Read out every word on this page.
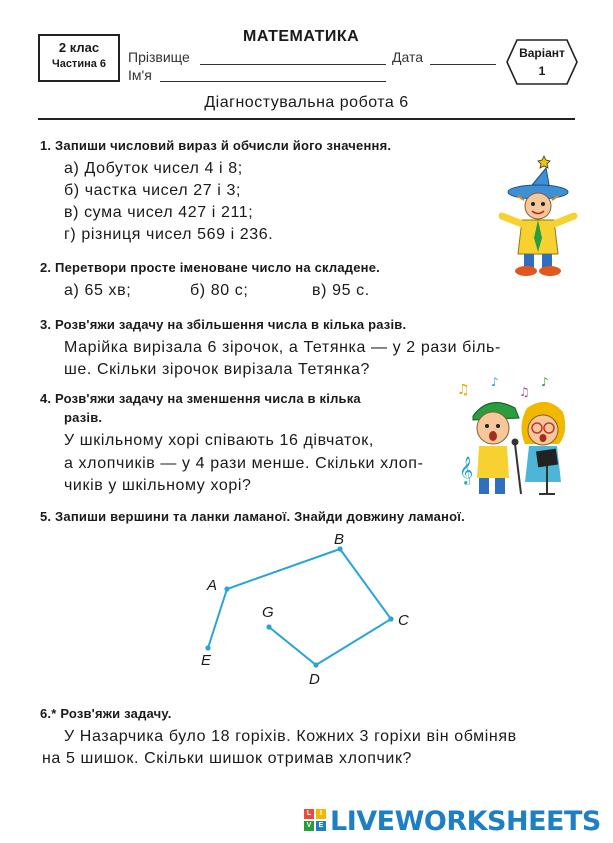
2 клас
Частина 6
МАТЕМАТИКА
Прізвище	Дата
Ім'я
Варіант
1
Діагностувальна робота 6
1. Запиши числовий вираз й обчисли його значення.
а) Добуток чисел 4 і 8;
б) частка чисел 27 і 3;
в) сума чисел 427 і 211;
г) різниця чисел 569 і 236.
2. Перетвори просте іменоване число на складене.
а) 65 хв;	б) 80 с;	в) 95 с.
3. Розв'яжи задачу на збільшення числа в кілька разів.
Марійка вирізала 6 зірочок, а Тетянка — у 2 рази біль-
ше. Скільки зірочок вирізала Тетянка?
4. Розв'яжи задачу на зменшення числа в кілька
разів.
У шкільному хорі співають 16 дівчаток,
а хлопчиків — у 4 рази менше. Скільки хлоп-
чиків у шкільному хорі?
♫ ♪
♫
♪
𝄞
5. Запиши вершини та ланки ламаної. Знайди довжину ламаної.
A
B
C
D
G
E
6.* Розв'яжи задачу.
У Назарчика було 18 горіхів. Кожних 3 горіхи він обміняв
на 5 шишок. Скільки шишок отримав хлопчик?
L	I
V	E LIVEWORKSHEETS
